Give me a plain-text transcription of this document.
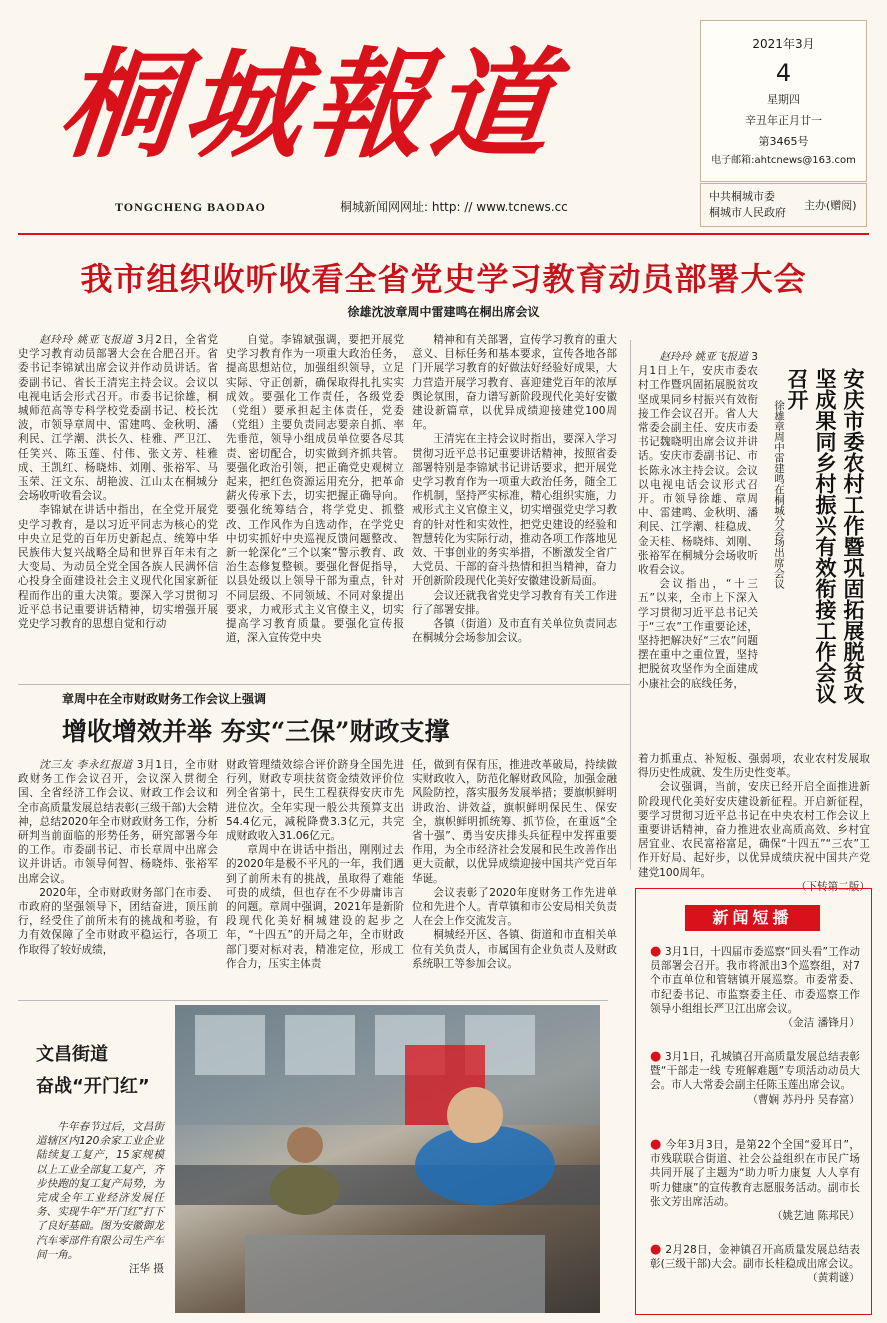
桐城報道
TONGCHENG BAODAO	桐城新闻网网址: http: // www.tcnews.cc
2021年3月
4
星期四
辛丑年正月廿一
第3465号
电子邮箱:ahtcnews@163.com
中共桐城市委
桐城市人民政府
主办(赠阅)
我市组织收听收看全省党史学习教育动员部署大会
徐雄沈波章周中雷建鸣在桐出席会议

赵玲玲 姚亚飞报道 3月2日，全省党史学习教育动员部署大会在合肥召开。省委书记李锦斌出席会议并作动员讲话。省委副书记、省长王清宪主持会议。会议以电视电话会形式召开。市委书记徐雄，桐城师范高等专科学校党委副书记、校长沈波，市领导章周中、雷建鸣、金秋明、潘利民、江学潮、洪长久、桂雅、严卫江、任笑兴、陈玉莲、付伟、张文芳、桂雅成、王凯红、杨晓炜、刘刚、张裕军、马玉荣、汪文东、胡艳波、江山太在桐城分会场收听收看会议。

李锦斌在讲话中指出，在全党开展党史学习教育，是以习近平同志为核心的党中央立足党的百年历史新起点、统筹中华民族伟大复兴战略全局和世界百年未有之大变局、为动员全党全国各族人民满怀信心投身全面建设社会主义现代化国家新征程而作出的重大决策。要深入学习贯彻习近平总书记重要讲话精神，切实增强开展党史学习教育的思想自觉和行动

自觉。李锦斌强调，要把开展党史学习教育作为一项重大政治任务，提高思想站位，加强组织领导，立足实际、守正创新，确保取得扎扎实实成效。要强化工作责任，各级党委（党组）要承担起主体责任，党委（党组）主要负责同志要亲自抓、率先垂范，领导小组成员单位要各尽其责、密切配合，切实做到齐抓共管。要强化政治引领，把正确党史观树立起来，把红色资源运用充分，把革命薪火传承下去，切实把握正确导向。要强化统筹结合，将学党史、抓整改、工作风作为自选动作，在学党史中切实抓好中央巡视反馈问题整改、新一轮深化“三个以案”警示教育、政治生态修复整顿。要强化督促指导，以县处级以上领导干部为重点，针对不同层级、不同领域、不同对象提出要求，力戒形式主义官僚主义，切实提高学习教育质量。要强化宣传报道，深入宣传党中央

精神和有关部署，宣传学习教育的重大意义、目标任务和基本要求，宣传各地各部门开展学习教育的好做法好经验好成果，大力营造开展学习教育、喜迎建党百年的浓厚舆论氛围，奋力谱写新阶段现代化美好安徽建设新篇章，以优异成绩迎接建党100周年。

王清宪在主持会议时指出，要深入学习贯彻习近平总书记重要讲话精神，按照省委部署特别是李锦斌书记讲话要求，把开展党史学习教育作为一项重大政治任务，随全工作机制，坚持严实标准，精心组织实施，力戒形式主义官僚主义，切实增强党史学习教育的针对性和实效性，把党史建设的经验和智慧转化为实际行动，推动各项工作落地见效、干事创业的务实举措，不断激发全省广大党员、干部的奋斗热情和担当精神，奋力开创新阶段现代化美好安徽建设新局面。

会议还就我省党史学习教育有关工作进行了部署安排。

各镇（街道）及市直有关单位负责同志在桐城分会场参加会议。

赵玲玲 姚亚飞报道 3月1日上午，安庆市委农村工作暨巩固拓展脱贫攻坚成果同乡村振兴有效衔接工作会议召开。省人大常委会副主任、安庆市委书记魏晓明出席会议并讲话。安庆市委副书记、市长陈永冰主持会议。会议以电视电话会议形式召开。市领导徐雄、章周中、雷建鸣、金秋明、潘利民、江学潮、桂稳成、金天桂、杨晓炜、刘刚、张裕军在桐城分会场收听收看会议。

会议指出，“十三五”以来，全市上下深入学习贯彻习近平总书记关于“三农”工作重要论述，坚持把解决好“三农”问题摆在重中之重位置，坚持把脱贫攻坚作为全面建成小康社会的底线任务，	安庆市委农村工作暨巩固拓展脱贫攻坚成果同乡村振兴有效衔接工作会议召开
徐雄章周中雷建鸣在桐城分会场出席会议

着力抓重点、补短板、强弱项，农业农村发展取得历史性成就、发生历史性变革。

会议强调，当前，安庆已经开启全面推进新阶段现代化美好安庆建设新征程。开启新征程，要学习贯彻习近平总书记在中央农村工作会议上重要讲话精神，奋力推进农业高质高效、乡村宜居宜业、农民富裕富足，确保“十四五”“三农”工作开好局、起好步，以优异成绩庆祝中国共产党建党100周年。

（下转第二版）
章周中在全市财政财务工作会议上强调
增收增效并举 夯实“三保”财政支撑

沈三友 李永红报道 3月1日，全市财政财务工作会议召开，会议深入贯彻全国、全省经济工作会议、财政工作会议和全市高质量发展总结表彰(三级干部)大会精神，总结2020年全市财政财务工作，分析研判当前面临的形势任务，研究部署今年的工作。市委副书记、市长章周中出席会议并讲话。市领导何智、杨晓炜、张裕军出席会议。

2020年，全市财政财务部门在市委、市政府的坚强领导下，团结奋进，顶压前行，经受住了前所未有的挑战和考验，有力有效保障了全市财政平稳运行，各项工作取得了较好成绩，

财政管理绩效综合评价跻身全国先进行列，财政专项扶贫资金绩效评价位列全省第十，民生工程获得安庆市先进位次。全年实现一般公共预算支出54.4亿元，减税降费3.3亿元，共完成财政收入31.06亿元。

章周中在讲话中指出，刚刚过去的2020年是极不平凡的一年，我们遇到了前所未有的挑战，虽取得了难能可贵的成绩，但也存在不少毋庸讳言的问题。章周中强调，2021年是新阶段现代化美好桐城建设的起步之年，“十四五”的开局之年，全市财政部门要对标对表，精准定位，形成工作合力，压实主体责

任，做到有保有压，推进改革破局，持续做实财政收入，防范化解财政风险，加强金融风险防控，落实服务发展举措；要旗帜鲜明讲政治、讲效益，旗帜鲜明保民生、保安全，旗帜鲜明抓统筹、抓节俭，在重返“全省十强”、勇当安庆排头兵征程中发挥重要作用，为全市经济社会发展和民生改善作出更大贡献，以优异成绩迎接中国共产党百年华诞。

会议表彰了2020年度财务工作先进单位和先进个人。青草镇和市公安局相关负责人在会上作交流发言。

桐城经开区、各镇、街道和市直相关单位有关负责人，市属国有企业负责人及财政系统职工等参加会议。

文昌街道
奋战“开门红”

牛年春节过后，文昌街道辖区内120余家工业企业陆续复工复产，15家规模以上工业全部复工复产，齐步快跑的复工复产局势，为完成全年工业经济发展任务、实现牛年“开门红”打下了良好基础。图为安徽御龙汽车零部件有限公司生产车间一角。

汪华 摄
新闻短播
● 3月1日，十四届市委巡察“回头看”工作动员部署会召开。我市将派出3个巡察组，对7个市直单位和管辖镇开展巡察。市委常委、市纪委书记、市监察委主任、市委巡察工作领导小组组长严卫江出席会议。
（金洁 潘锋月）
● 3月1日，孔城镇召开高质量发展总结表彰暨“干部走一线 专班解难题”专项活动动员大会。市人大常委会副主任陈玉莲出席会议。
（曹娴 苏丹丹 吴春富）
● 今年3月3日，是第22个全国“爱耳日”，市残联联合街道、社会公益组织在市民广场共同开展了主题为“助力听力康复 人人享有听力健康”的宣传教育志愿服务活动。副市长张文芳出席活动。
（姚艺迪 陈邦民）
● 2月28日，金神镇召开高质量发展总结表彰(三级干部)大会。副市长桂稳成出席会议。
（黄莉谜）
